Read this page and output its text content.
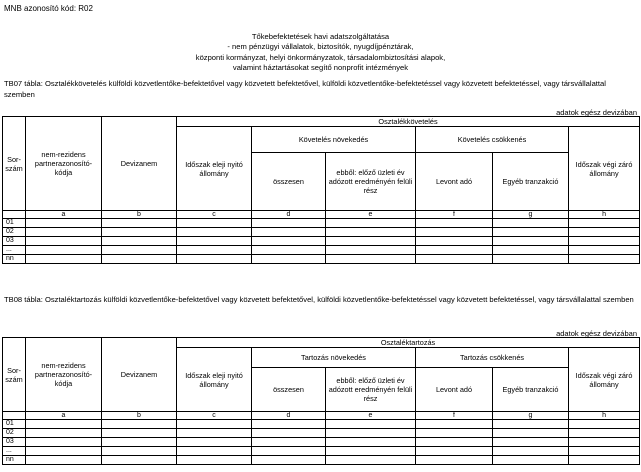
MNB azonosító kód: R02
Tőkebefektetések havi adatszolgáltatása
- nem pénzügyi vállalatok, biztosítók, nyugdíjpénztárak,
központi kormányzat, helyi önkormányzatok, társadalombiztosítási alapok,
valamint háztartásokat segítő nonprofit intézmények
TB07 tábla: Osztalékkövetelés külföldi közvetlentőke-befektetővel vagy közvetett befektetővel, külföldi közvetlentőke-befektetéssel vagy közvetett befektetéssel, vagy társvállalattal szemben
adatok egész devizában
Sor-
szám	nem-rezidens partnerazonosító-kódja	Devizanem	Osztalékkövetelés					
			Időszak eleji nyitó állomány	Követelés növekedés		Követelés csökkenés		Időszak végi záró állomány
				összesen	ebből: előző üzleti év adózott eredményén felüli rész	Levont adó	Egyéb tranzakció	
	a	b	c	d	e	f	g	h
01								
02								
03								
...								
nn								
TB08 tábla: Osztaléktartozás külföldi közvetlentőke-befektetővel vagy közvetett befektetővel, külföldi közvetlentőke-befektetéssel vagy közvetett befektetéssel, vagy társvállalattal szemben
adatok egész devizában
Sor-
szám	nem-rezidens partnerazonosító-kódja	Devizanem	Osztaléktartozás					
			Időszak eleji nyitó állomány	Tartozás növekedés		Tartozás csökkenés		Időszak végi záró állomány
				összesen	ebből: előző üzleti év adózott eredményén felüli rész	Levont adó	Egyéb tranzakció	
	a	b	c	d	e	f	g	h
01								
02								
03								
...								
nn								
